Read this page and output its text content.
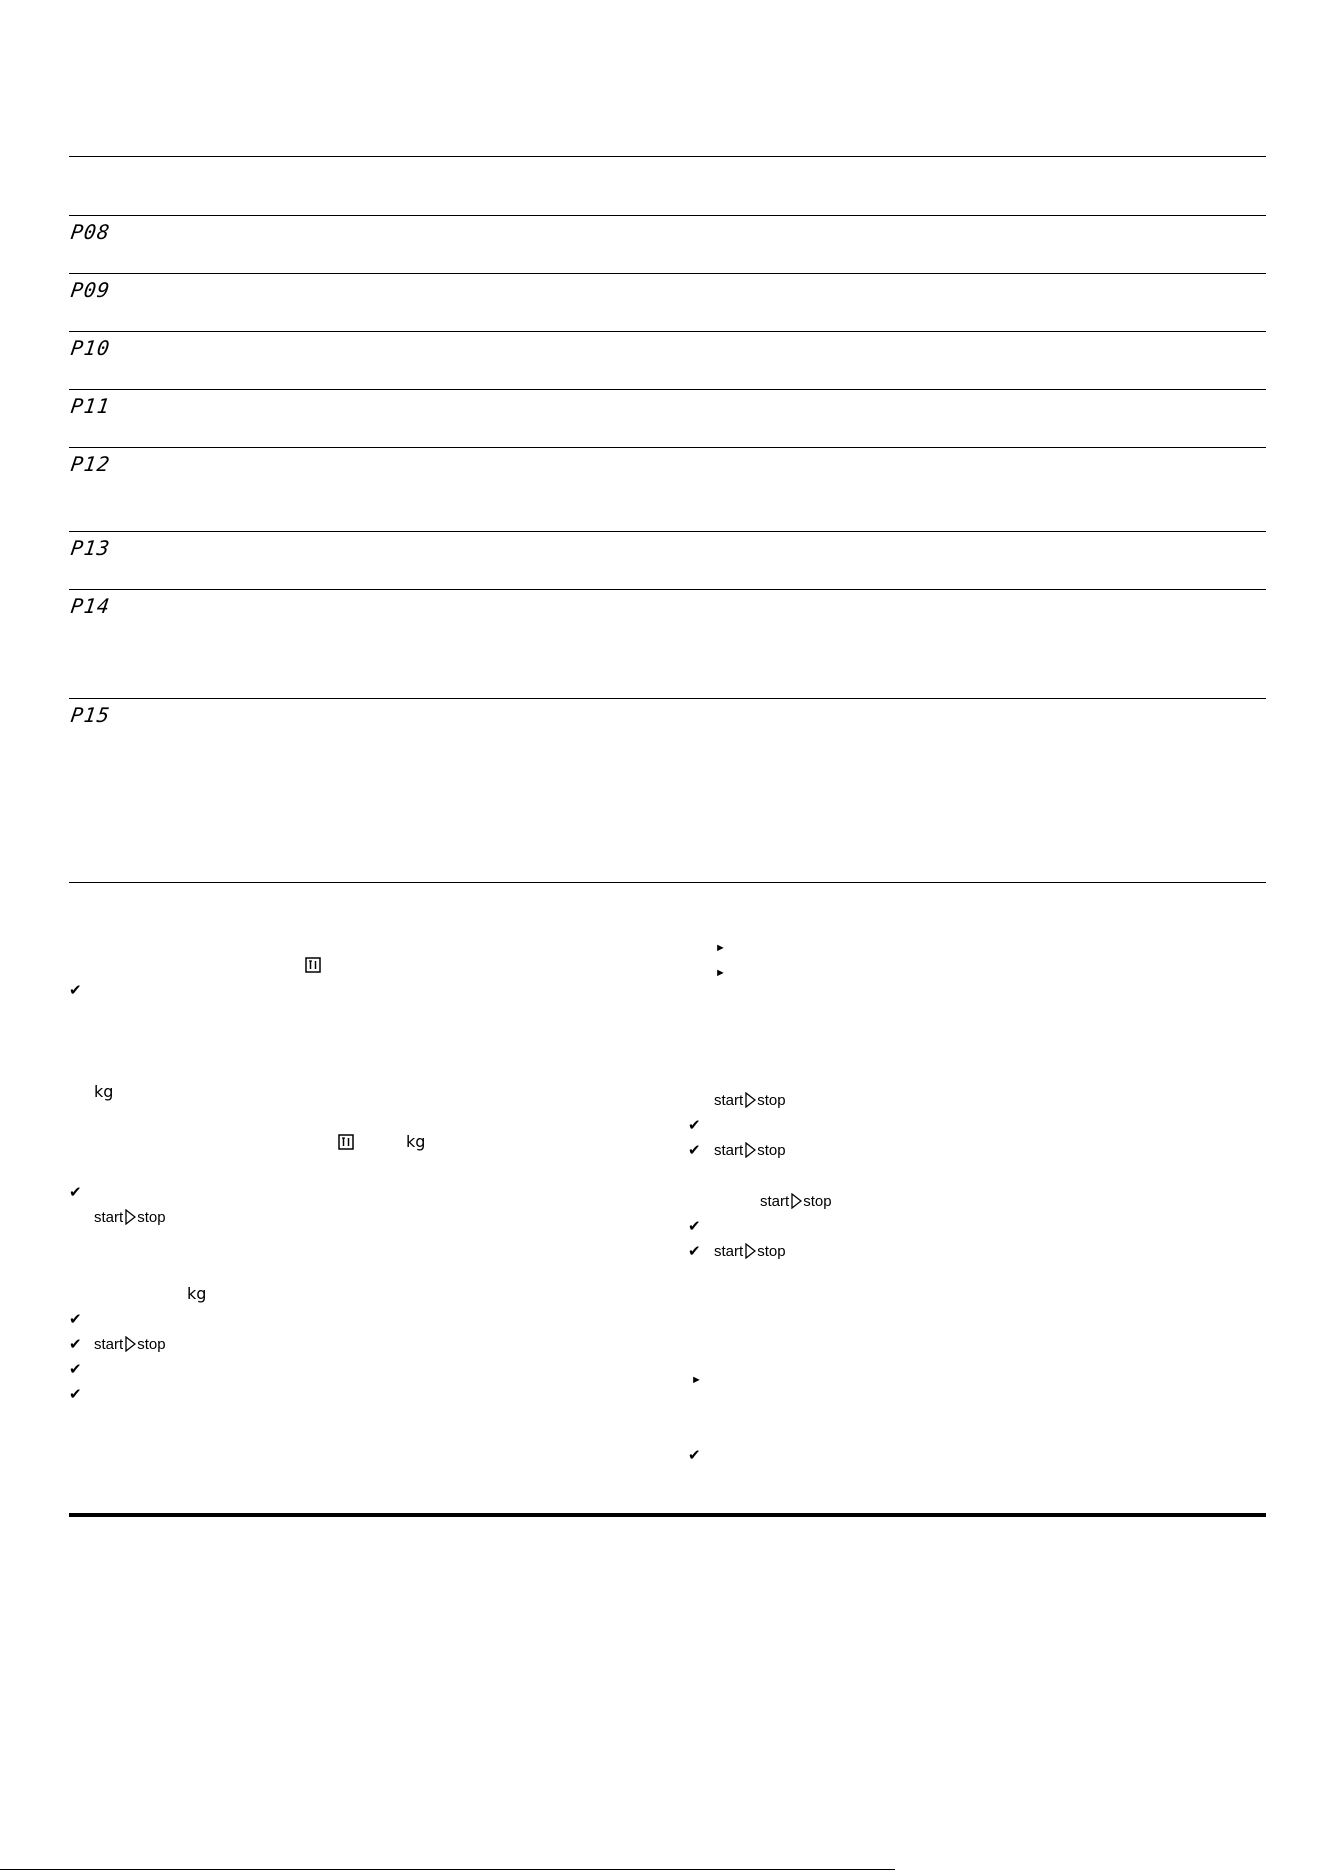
P08
P09
P10
P11
P12
P13
P14
P15
✔
kg
kg
✔
start stop
kg
✔
✔ start stop
✔
✔
►
►
start stop
✔
✔ start stop
start stop
✔
✔ start stop
►
✔
